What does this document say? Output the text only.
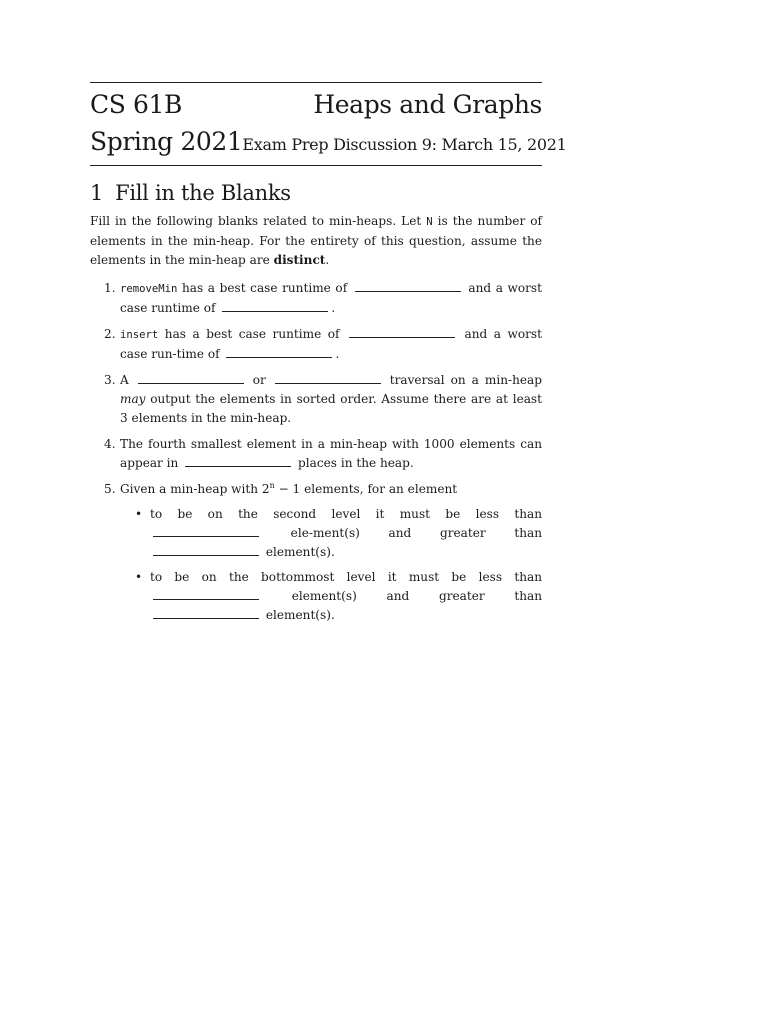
CS 61B	Heaps and Graphs
Spring 2021 Exam Prep Discussion 9: March 15, 2021
1 Fill in the Blanks

Fill in the following blanks related to min-heaps. Let N is the number of elements in the min-heap. For the entirety of this question, assume the elements in the min-heap are distinct.

1. removeMin has a best case runtime of	and a worst case runtime of	.
2. insert has a best case runtime of	and a worst case run-time of	.
3. A	or	traversal on a min-heap may output the elements in sorted order. Assume there are at least 3 elements in the min-heap.
4. The fourth smallest element in a min-heap with 1000 elements can appear in	places in the heap.
5. Given a min-heap with $2^n - 1$ elements, for an element
• to be on the second level it must be less than  ele-ment(s) and greater than  element(s).
• to be on the bottommost level it must be less than  element(s) and greater than  element(s).
